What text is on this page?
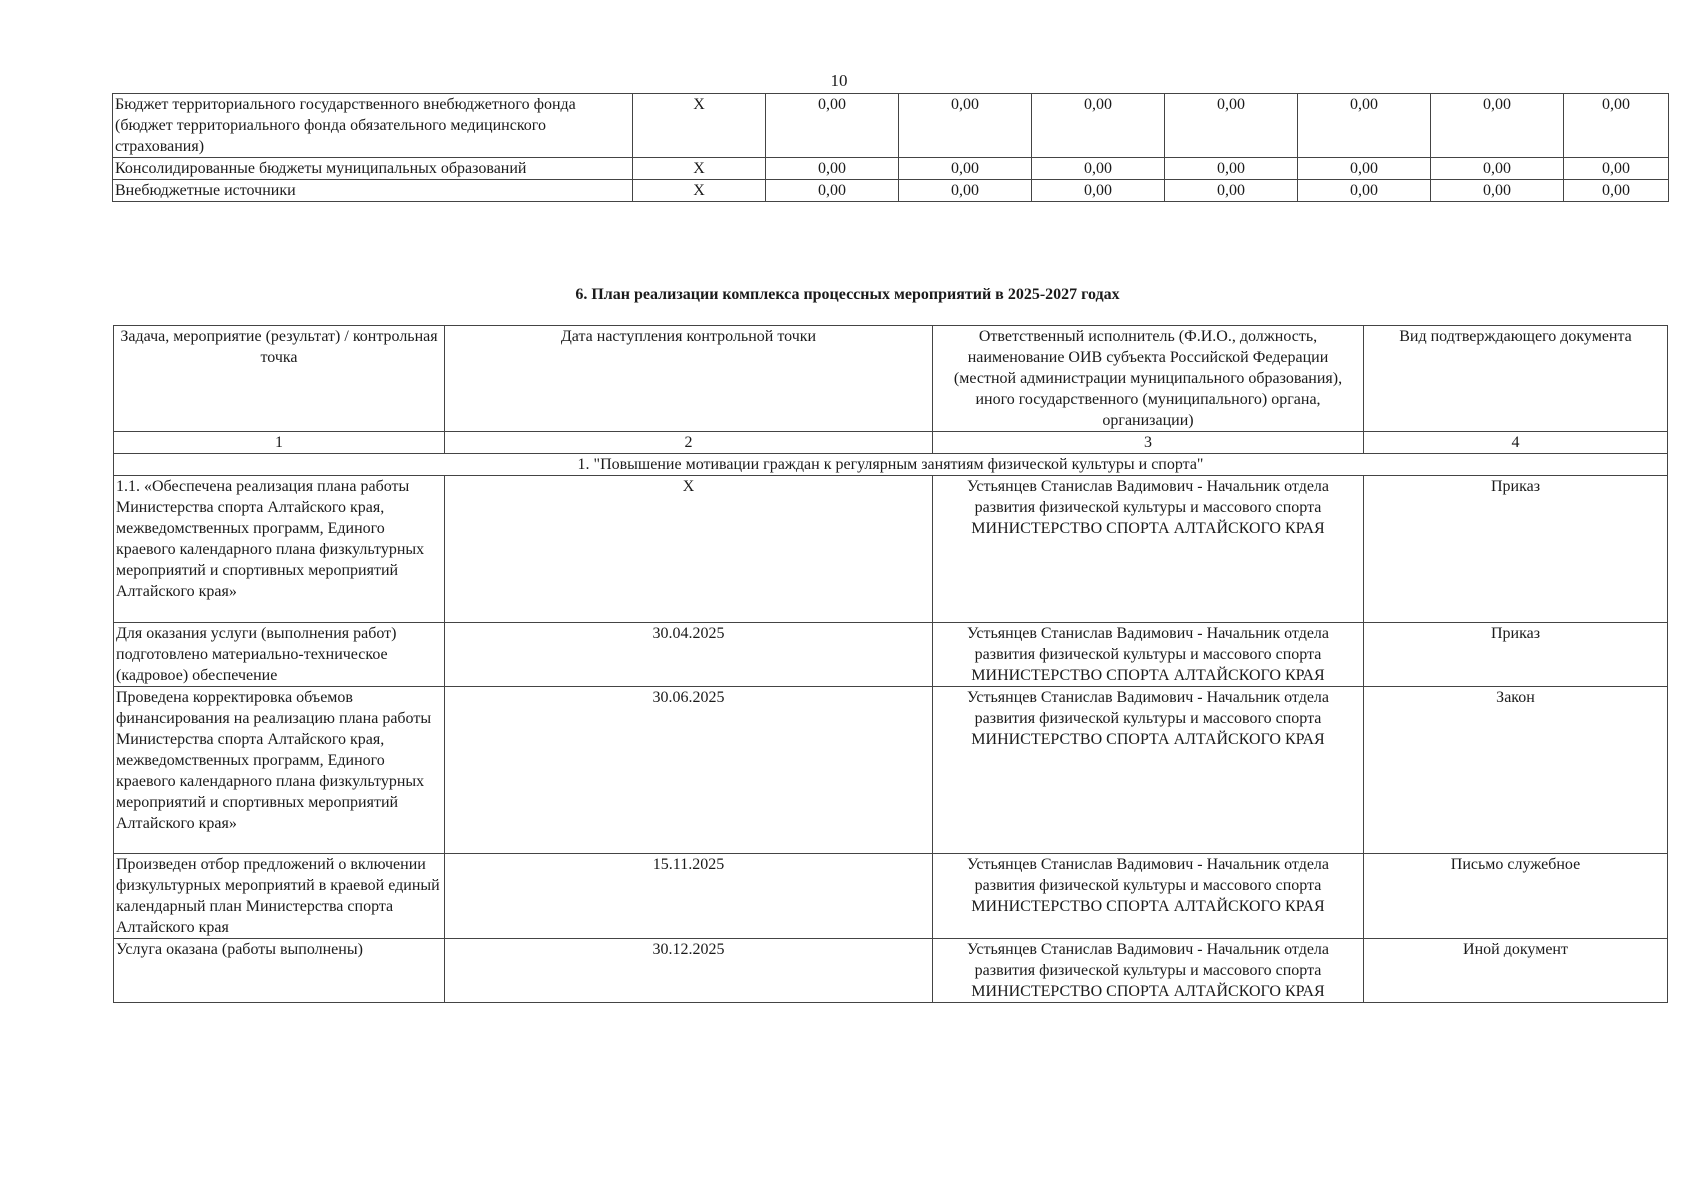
10
Бюджет территориального государственного внебюджетного фонда (бюджет территориального фонда обязательного медицинского страхования)	X	0,00	0,00	0,00	0,00	0,00	0,00	0,00
Консолидированные бюджеты муниципальных образований	X	0,00	0,00	0,00	0,00	0,00	0,00	0,00
Внебюджетные источники	X	0,00	0,00	0,00	0,00	0,00	0,00	0,00
6. План реализации комплекса процессных мероприятий в 2025-2027 годах
Задача, мероприятие (результат) / контрольная точка	Дата наступления контрольной точки	Ответственный исполнитель (Ф.И.О., должность, наименование ОИВ субъекта Российской Федерации (местной администрации муниципального образования), иного государственного (муниципального) органа, организации)	Вид подтверждающего документа
1	2	3	4
1. "Повышение мотивации граждан к регулярным занятиям физической культуры и спорта"			
1.1. «Обеспечена реализация плана работы Министерства спорта Алтайского края, межведомственных программ, Единого краевого календарного плана физкультурных мероприятий и спортивных мероприятий Алтайского края»	X	Устьянцев Станислав Вадимович - Начальник отдела развития физической культуры и массового спорта МИНИСТЕРСТВО СПОРТА АЛТАЙСКОГО КРАЯ	Приказ
Для оказания услуги (выполнения работ) подготовлено материально-техническое (кадровое) обеспечение	30.04.2025	Устьянцев Станислав Вадимович - Начальник отдела развития физической культуры и массового спорта МИНИСТЕРСТВО СПОРТА АЛТАЙСКОГО КРАЯ	Приказ
Проведена корректировка объемов финансирования на реализацию плана работы Министерства спорта Алтайского края, межведомственных программ, Единого краевого календарного плана физкультурных мероприятий и спортивных мероприятий Алтайского края»	30.06.2025	Устьянцев Станислав Вадимович - Начальник отдела развития физической культуры и массового спорта МИНИСТЕРСТВО СПОРТА АЛТАЙСКОГО КРАЯ	Закон
Произведен отбор предложений о включении физкультурных мероприятий в краевой единый календарный план Министерства спорта Алтайского края	15.11.2025	Устьянцев Станислав Вадимович - Начальник отдела развития физической культуры и массового спорта МИНИСТЕРСТВО СПОРТА АЛТАЙСКОГО КРАЯ	Письмо служебное
Услуга оказана (работы выполнены)	30.12.2025	Устьянцев Станислав Вадимович - Начальник отдела развития физической культуры и массового спорта МИНИСТЕРСТВО СПОРТА АЛТАЙСКОГО КРАЯ	Иной документ
